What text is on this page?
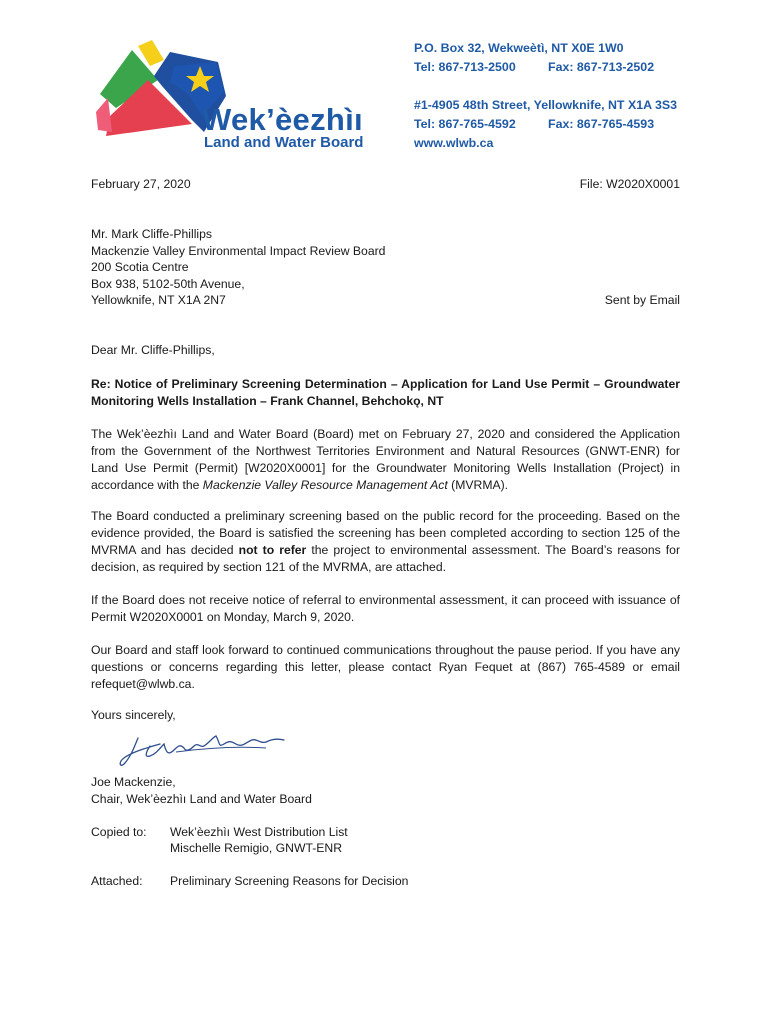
Wek’èezhìı
Land and Water Board
P.O. Box 32, Wekweètì, NT X0E 1W0
Tel: 867-713-2500	Fax: 867-713-2502
#1-4905 48th Street, Yellowknife, NT X1A 3S3
Tel: 867-765-4592	Fax: 867-765-4593
www.wlwb.ca
February 27, 2020	File: W2020X0001
Mr. Mark Cliffe-Phillips
Mackenzie Valley Environmental Impact Review Board
200 Scotia Centre
Box 938, 5102-50th Avenue,
Yellowknife, NT X1A 2N7	Sent by Email
Dear Mr. Cliffe-Phillips,
Re: Notice of Preliminary Screening Determination – Application for Land Use Permit – Groundwater Monitoring Wells Installation – Frank Channel, Behchokǫ, NT
The Wek’èezhìı Land and Water Board (Board) met on February 27, 2020 and considered the Application from the Government of the Northwest Territories Environment and Natural Resources (GNWT-ENR) for Land Use Permit (Permit) [W2020X0001] for the Groundwater Monitoring Wells Installation (Project) in accordance with the Mackenzie Valley Resource Management Act (MVRMA).
The Board conducted a preliminary screening based on the public record for the proceeding. Based on the evidence provided, the Board is satisfied the screening has been completed according to section 125 of the MVRMA and has decided not to refer the project to environmental assessment. The Board’s reasons for decision, as required by section 121 of the MVRMA, are attached.
If the Board does not receive notice of referral to environmental assessment, it can proceed with issuance of Permit W2020X0001 on Monday, March 9, 2020.
Our Board and staff look forward to continued communications throughout the pause period. If you have any questions or concerns regarding this letter, please contact Ryan Fequet at (867) 765-4589 or email refequet@wlwb.ca.
Yours sincerely,
Joe Mackenzie,
Chair, Wek’èezhìı Land and Water Board
Copied to: Wek’èezhìı West Distribution List
Mischelle Remigio, GNWT-ENR
Attached: Preliminary Screening Reasons for Decision
